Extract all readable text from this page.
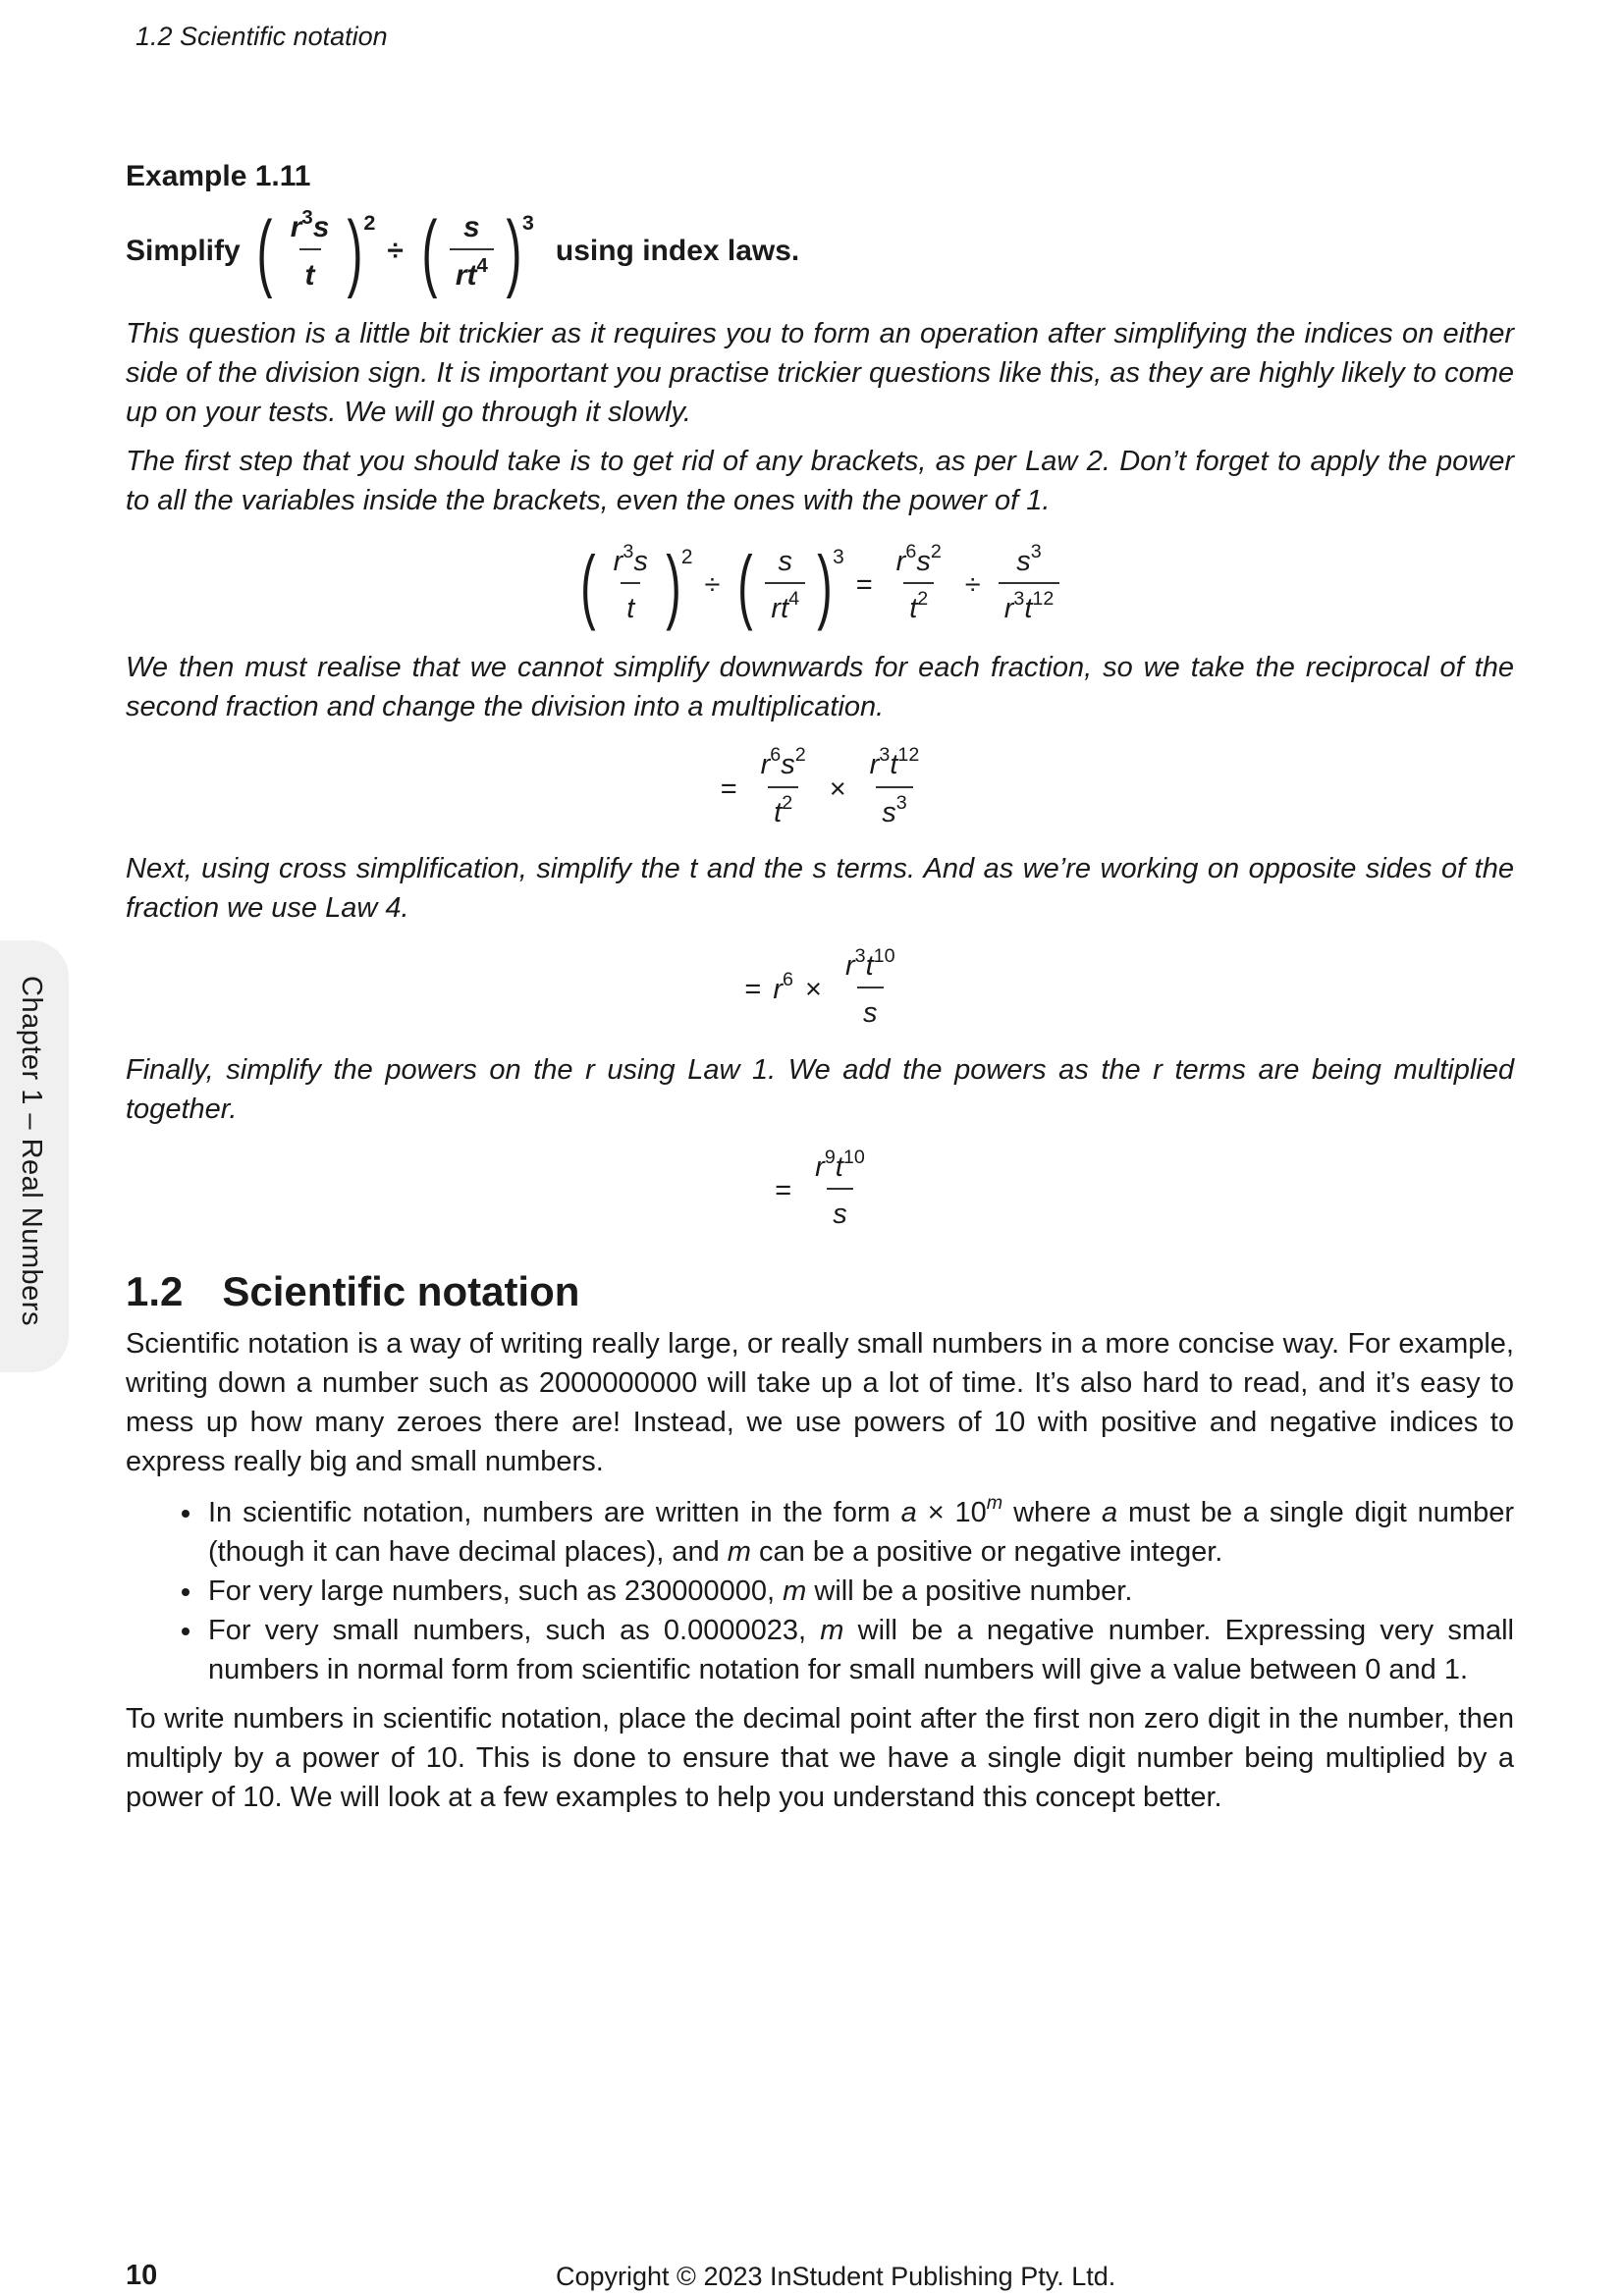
1.2 Scientific notation
Chapter 1 – Real Numbers

Example 1.11

Simplify ( $\frac{r^3s}{t}$ ) 2
÷ ( $\frac{s}{rt^4}$ ) 3
using index laws.

This question is a little bit trickier as it requires you to form an operation after simplifying the indices on either side of the division sign. It is important you practise trickier questions like this, as they are highly likely to come up on your tests. We will go through it slowly.

The first step that you should take is to get rid of any brackets, as per Law 2. Don’t forget to apply the power to all the variables inside the brackets, even the ones with the power of 1.

( $\frac{r^3s}{t}$ ) 2
÷ ( $\frac{s}{rt^4}$ ) 3
= $\frac{r^6s^2}{t^2} \div \frac{s^3}{r^3t^{12}}$

We then must realise that we cannot simplify downwards for each fraction, so we take the reciprocal of the second fraction and change the division into a multiplication.

= $\frac{r^6s^2}{t^2} \times \frac{r^3t^{12}}{s^3}$

Next, using cross simplification, simplify the t and the s terms. And as we’re working on opposite sides of the fraction we use Law 4.

= $r^6 \times \frac{r^3t^{10}}{s}$

Finally, simplify the powers on the r using Law 1. We add the powers as the r terms are being multiplied together.

= $\frac{r^9t^{10}}{s}$
1.2 Scientific notation

Scientific notation is a way of writing really large, or really small numbers in a more concise way. For example, writing down a number such as 2000000000 will take up a lot of time. It’s also hard to read, and it’s easy to mess up how many zeroes there are! Instead, we use powers of 10 with positive and negative indices to express really big and small numbers.

• In scientific notation, numbers are written in the form $a \times 10^m$ where a must be a single digit number (though it can have decimal places), and m can be a positive or negative integer.
• For very large numbers, such as 230000000, m will be a positive number.
• For very small numbers, such as 0.0000023, m will be a negative number. Expressing very small numbers in normal form from scientific notation for small numbers will give a value between 0 and 1.

To write numbers in scientific notation, place the decimal point after the first non zero digit in the number, then multiply by a power of 10. This is done to ensure that we have a single digit number being multiplied by a power of 10. We will look at a few examples to help you understand this concept better.

10	Copyright © 2023 InStudent Publishing Pty. Ltd.
